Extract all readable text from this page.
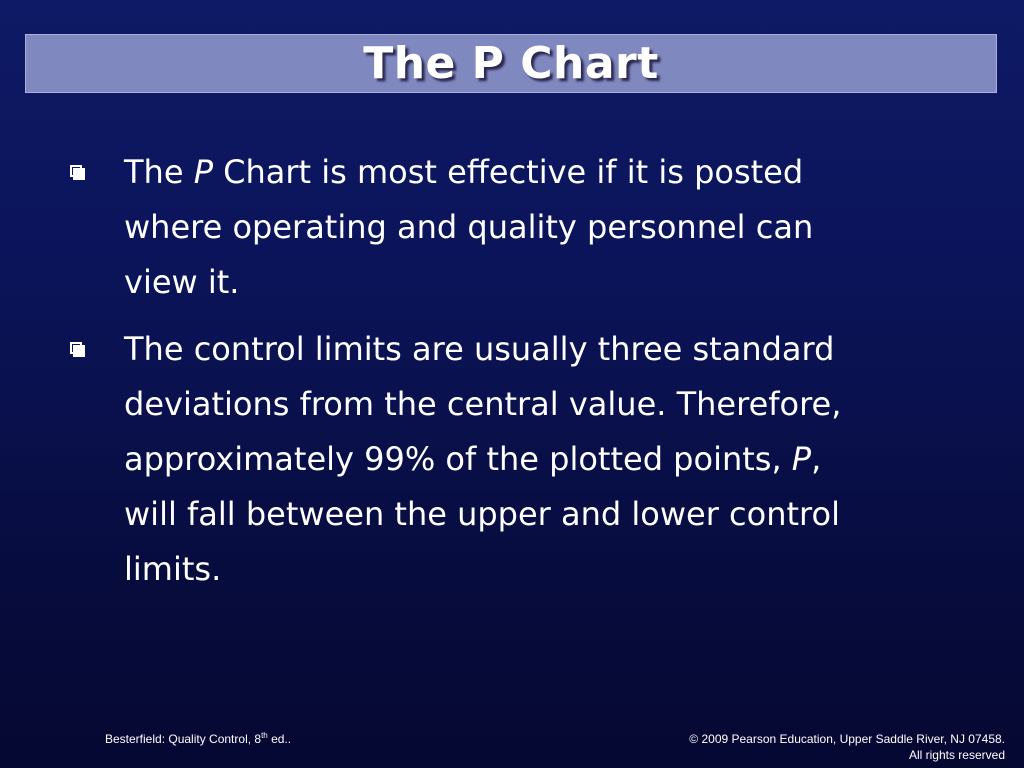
The P Chart
The P Chart is most effective if it is posted
where operating and quality personnel can
view it.
The control limits are usually three standard
deviations from the central value. Therefore,
approximately 99% of the plotted points, P,
will fall between the upper and lower control
limits.
Besterfield: Quality Control, 8th ed..	© 2009 Pearson Education, Upper Saddle River, NJ 07458.
All rights reserved
